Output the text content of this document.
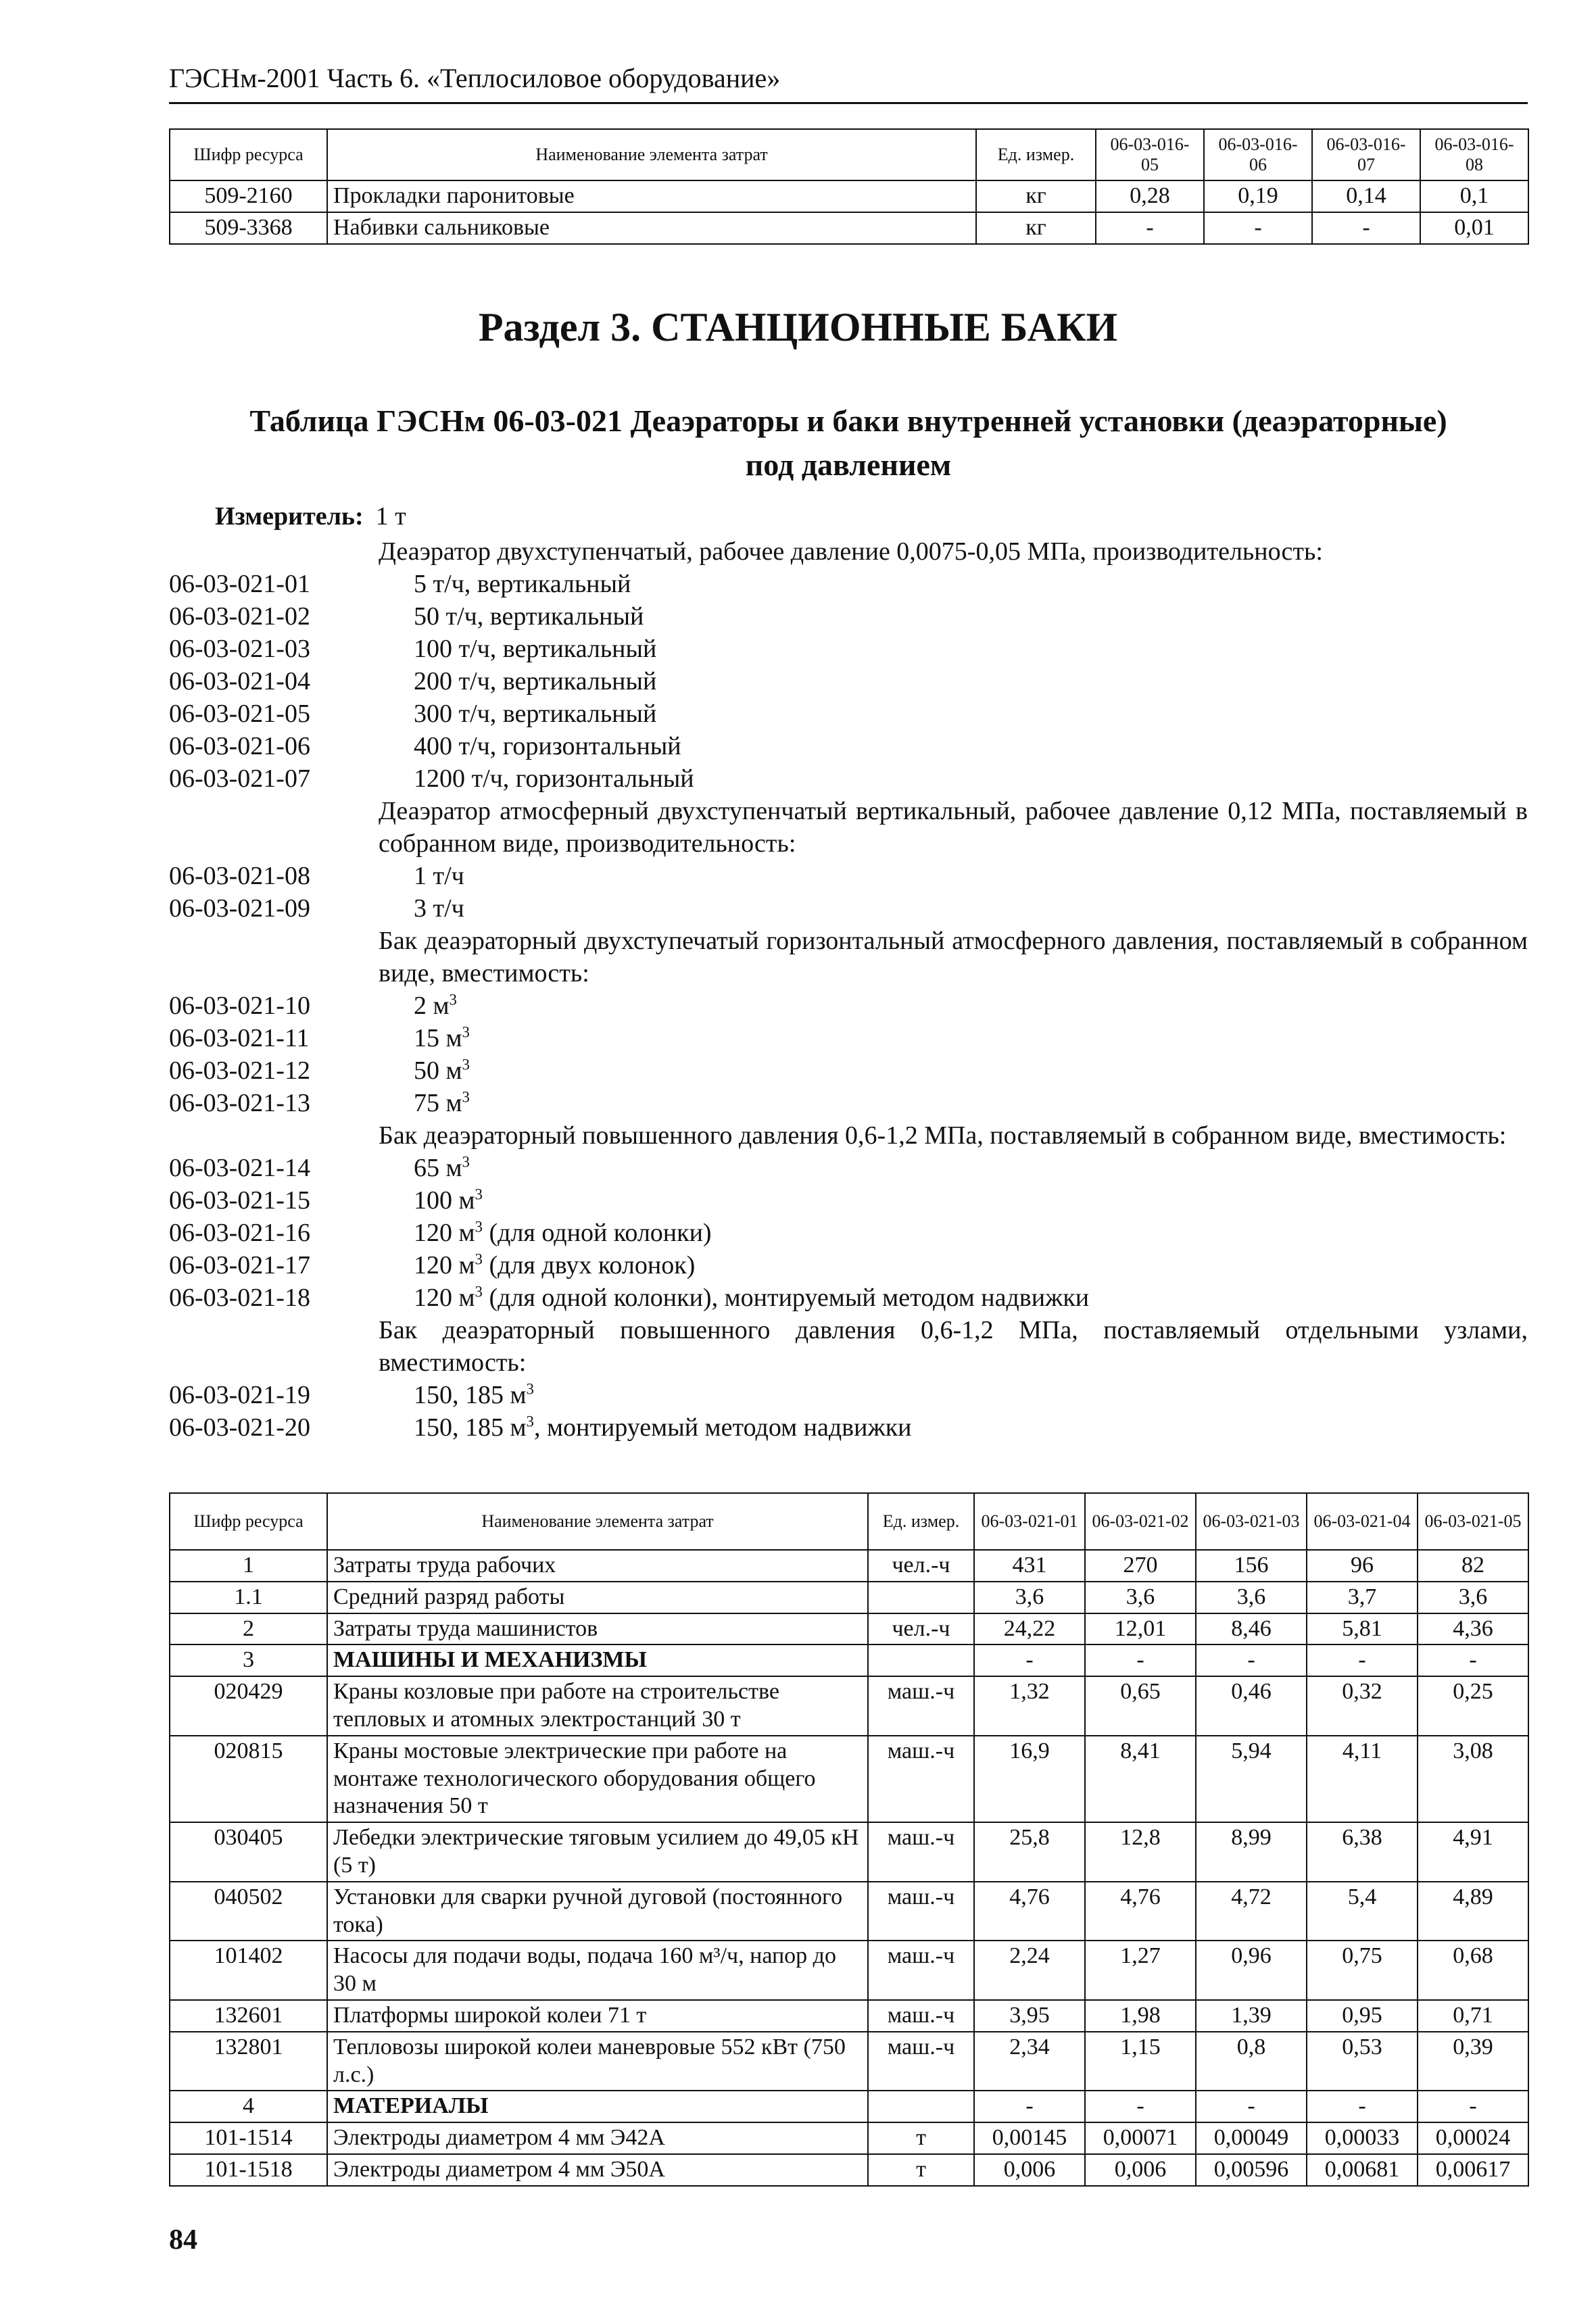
ГЭСНм-2001 Часть 6. «Теплосиловое оборудование»
Шифр ресурса	Наименование элемента затрат	Ед. измер.	06-03-016-05	06-03-016-06	06-03-016-07	06-03-016-08
509-2160	Прокладки паронитовые	кг	0,28	0,19	0,14	0,1
509-3368	Набивки сальниковые	кг	-	-	-	0,01
Раздел 3. СТАНЦИОННЫЕ БАКИ
Таблица ГЭСНм 06-03-021 Деаэраторы и баки внутренней установки (деаэраторные)
под давлением
Измеритель: 1 т
Деаэратор двухступенчатый, рабочее давление 0,0075-0,05 МПа, производительность:
06-03-021-01	5 т/ч, вертикальный
06-03-021-02	50 т/ч, вертикальный
06-03-021-03	100 т/ч, вертикальный
06-03-021-04	200 т/ч, вертикальный
06-03-021-05	300 т/ч, вертикальный
06-03-021-06	400 т/ч, горизонтальный
06-03-021-07	1200 т/ч, горизонтальный
Деаэратор атмосферный двухступенчатый вертикальный, рабочее давление 0,12 МПа, поставляемый в собранном виде, производительность:
06-03-021-08	1 т/ч
06-03-021-09	3 т/ч
Бак деаэраторный двухступечатый горизонтальный атмосферного давления, поставляемый в собранном виде, вместимость:
06-03-021-10	2 $м^3$
06-03-021-11	15 $м^3$
06-03-021-12	50 $м^3$
06-03-021-13	75 $м^3$
Бак деаэраторный повышенного давления 0,6-1,2 МПа, поставляемый в собранном виде, вместимость:
06-03-021-14	65 $м^3$
06-03-021-15	100 $м^3$
06-03-021-16	120 $м^3$ (для одной колонки)
06-03-021-17	120 $м^3$ (для двух колонок)
06-03-021-18	120 $м^3$ (для одной колонки), монтируемый методом надвижки
Бак деаэраторный повышенного давления 0,6-1,2 МПа, поставляемый отдельными узлами, вместимость:
06-03-021-19	150, 185 $м^3$
06-03-021-20	150, 185 $м^3$, монтируемый методом надвижки
Шифр ресурса	Наименование элемента затрат	Ед. измер.	06-03-021-01	06-03-021-02	06-03-021-03	06-03-021-04	06-03-021-05
1	Затраты труда рабочих	чел.-ч	431	270	156	96	82
1.1	Средний разряд работы		3,6	3,6	3,6	3,7	3,6
2	Затраты труда машинистов	чел.-ч	24,22	12,01	8,46	5,81	4,36
3	МАШИНЫ И МЕХАНИЗМЫ		-	-	-	-	-
020429	Краны козловые при работе на строительстве тепловых и атомных электростанций 30 т	маш.-ч	1,32	0,65	0,46	0,32	0,25
020815	Краны мостовые электрические при работе на монтаже технологического оборудования общего назначения 50 т	маш.-ч	16,9	8,41	5,94	4,11	3,08
030405	Лебедки электрические тяговым усилием до 49,05 кН (5 т)	маш.-ч	25,8	12,8	8,99	6,38	4,91
040502	Установки для сварки ручной дуговой (постоянного тока)	маш.-ч	4,76	4,76	4,72	5,4	4,89
101402	Насосы для подачи воды, подача 160 м³/ч, напор до 30 м	маш.-ч	2,24	1,27	0,96	0,75	0,68
132601	Платформы широкой колеи 71 т	маш.-ч	3,95	1,98	1,39	0,95	0,71
132801	Тепловозы широкой колеи маневровые 552 кВт (750 л.с.)	маш.-ч	2,34	1,15	0,8	0,53	0,39
4	МАТЕРИАЛЫ		-	-	-	-	-
101-1514	Электроды диаметром 4 мм Э42А	т	0,00145	0,00071	0,00049	0,00033	0,00024
101-1518	Электроды диаметром 4 мм Э50А	т	0,006	0,006	0,00596	0,00681	0,00617
84
